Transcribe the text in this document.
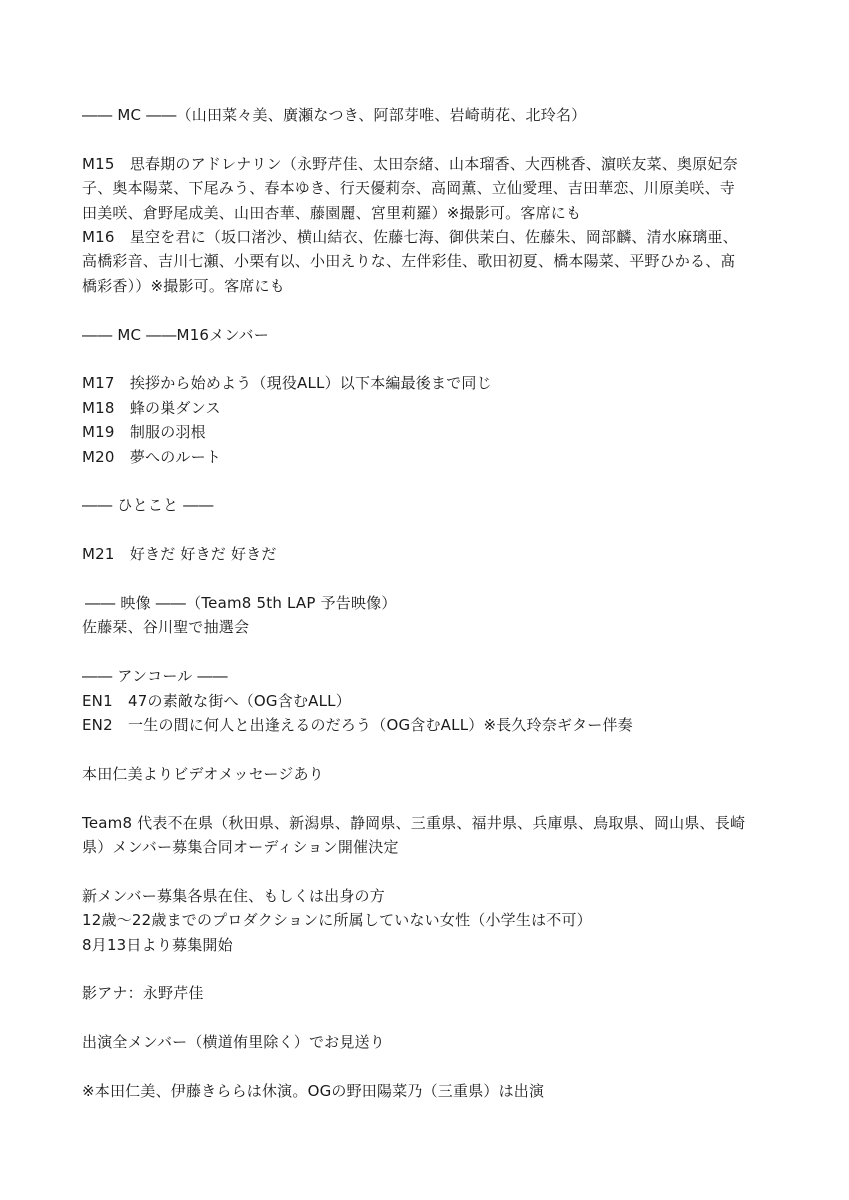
―― MC ――（山田菜々美、廣瀬なつき、阿部芽唯、岩崎萌花、北玲名）
M15　思春期のアドレナリン（永野芹佳、太田奈緒、山本瑠香、大西桃香、濵咲友菜、奥原妃奈
子、奥本陽菜、下尾みう、春本ゆき、行天優莉奈、高岡薫、立仙愛理、吉田華恋、川原美咲、寺
田美咲、倉野尾成美、山田杏華、藤園麗、宮里莉羅）※撮影可。客席にも
M16　星空を君に（坂口渚沙、横山結衣、佐藤七海、御供茉白、佐藤朱、岡部麟、清水麻璃亜、
高橋彩音、吉川七瀬、小栗有以、小田えりな、左伴彩佳、歌田初夏、橋本陽菜、平野ひかる、髙
橋彩香））※撮影可。客席にも
―― MC ――M16メンバー
M17　挨拶から始めよう（現役ALL）以下本編最後まで同じ
M18　蜂の巣ダンス
M19　制服の羽根
M20　夢へのルート
―― ひとこと ――
M21　好きだ 好きだ 好きだ
―― 映像 ――（Team8 5th LAP 予告映像）
佐藤栞、谷川聖で抽選会
―― アンコール ――
EN1　47の素敵な街へ（OG含むALL）
EN2　一生の間に何人と出逢えるのだろう（OG含むALL）※長久玲奈ギター伴奏
本田仁美よりビデオメッセージあり
Team8 代表不在県（秋田県、新潟県、静岡県、三重県、福井県、兵庫県、鳥取県、岡山県、長崎
県）メンバー募集合同オーディション開催決定
新メンバー募集各県在住、もしくは出身の方
12歳〜22歳までのプロダクションに所属していない女性（小学生は不可）
8月13日より募集開始
影アナ：永野芹佳
出演全メンバー（横道侑里除く）でお見送り
※本田仁美、伊藤きららは休演。OGの野田陽菜乃（三重県）は出演
